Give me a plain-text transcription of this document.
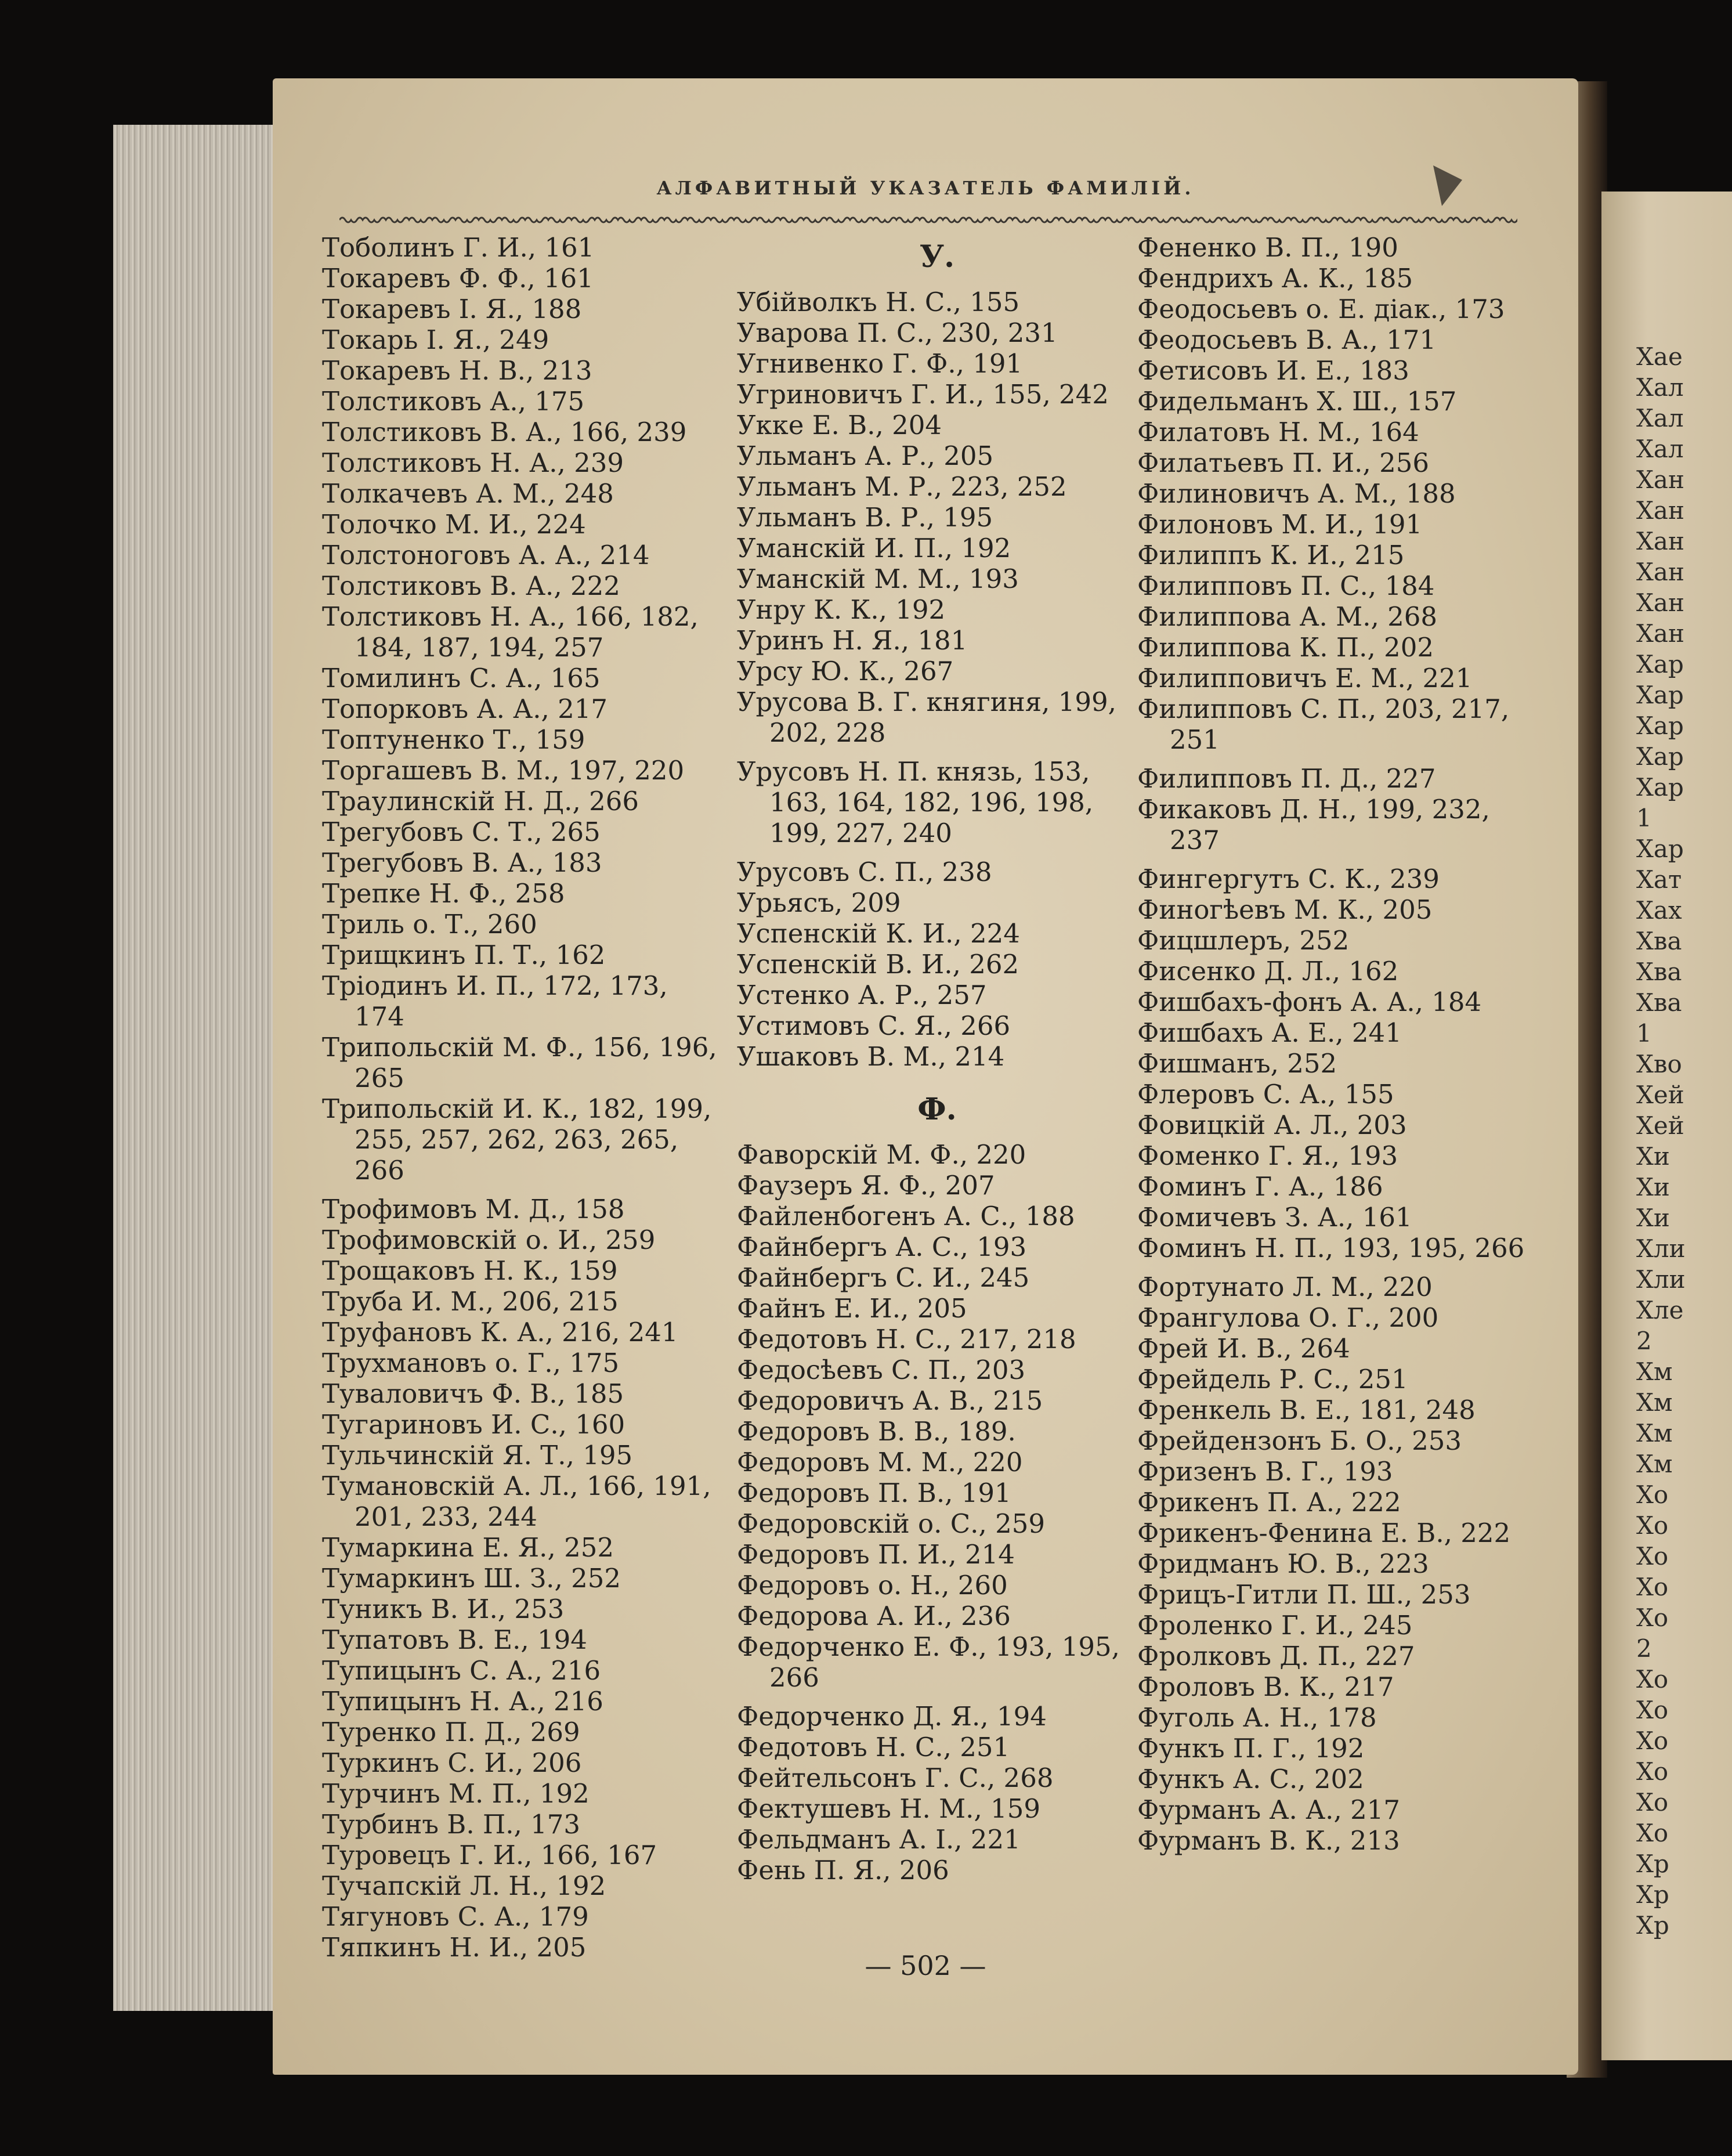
Хае
Хал
Хал
Хал
Хан
Хан
Хан
Хан
Хан
Хан
Хар
Хар
Хар
Хар
Хар
1
Хар
Хат
Хах
Хва
Хва
Хва
1
Хво
Хей
Хей
Хи
Хи
Хи
Хли
Хли
Хле
2
Хм
Хм
Хм
Хм
Хо
Хо
Хо
Хо
Хо
2
Хо
Хо
Хо
Хо
Хо
Хо
Хр
Хр
Хр
АЛФАВИТНЫЙ УКАЗАТЕЛЬ ФАМИЛІЙ.
Тоболинъ Г. И., 161
Токаревъ Ф. Ф., 161
Токаревъ I. Я., 188
Токарь I. Я., 249
Токаревъ Н. В., 213
Толстиковъ А., 175
Толстиковъ В. А., 166, 239
Толстиковъ Н. А., 239
Толкачевъ А. М., 248
Толочко М. И., 224
Толстоноговъ А. А., 214
Толстиковъ В. А., 222
Толстиковъ Н. А., 166, 182, 184, 187, 194, 257
Томилинъ С. А., 165
Топорковъ А. А., 217
Топтуненко Т., 159
Торгашевъ В. М., 197, 220
Траулинскій Н. Д., 266
Трегубовъ С. Т., 265
Трегубовъ В. А., 183
Трепке Н. Ф., 258
Триль о. Т., 260
Трищкинъ П. Т., 162
Тріодинъ И. П., 172, 173, 174
Трипольскій М. Ф., 156, 196, 265
Трипольскій И. К., 182, 199, 255, 257, 262, 263, 265, 266
Трофимовъ М. Д., 158
Трофимовскій о. И., 259
Трощаковъ Н. К., 159
Труба И. М., 206, 215
Труфановъ К. А., 216, 241
Трухмановъ о. Г., 175
Туваловичъ Ф. В., 185
Тугариновъ И. С., 160
Тульчинскій Я. Т., 195
Тумановскій А. Л., 166, 191, 201, 233, 244
Тумаркина Е. Я., 252
Тумаркинъ Ш. З., 252
Туникъ В. И., 253
Тупатовъ В. Е., 194
Тупицынъ С. А., 216
Тупицынъ Н. А., 216
Туренко П. Д., 269
Туркинъ С. И., 206
Турчинъ М. П., 192
Турбинъ В. П., 173
Туровецъ Г. И., 166, 167
Тучапскій Л. Н., 192
Тягуновъ С. А., 179
Тяпкинъ Н. И., 205
У.
Убійволкъ Н. С., 155
Уварова П. С., 230, 231
Угнивенко Г. Ф., 191
Угриновичъ Г. И., 155, 242
Укке Е. В., 204
Ульманъ А. Р., 205
Ульманъ М. Р., 223, 252
Ульманъ В. Р., 195
Уманскій И. П., 192
Уманскій М. М., 193
Унру К. К., 192
Уринъ Н. Я., 181
Урсу Ю. К., 267
Урусова В. Г. княгиня, 199, 202, 228
Урусовъ Н. П. князь, 153, 163, 164, 182, 196, 198, 199, 227, 240
Урусовъ С. П., 238
Урьясъ, 209
Успенскій К. И., 224
Успенскій В. И., 262
Устенко А. Р., 257
Устимовъ С. Я., 266
Ушаковъ В. М., 214
Ф.
Фаворскій М. Ф., 220
Фаузеръ Я. Ф., 207
Файленбогенъ А. С., 188
Файнбергъ А. С., 193
Файнбергъ С. И., 245
Файнъ Е. И., 205
Федотовъ Н. С., 217, 218
Федосѣевъ С. П., 203
Федоровичъ А. В., 215
Федоровъ В. В., 189.
Федоровъ М. М., 220
Федоровъ П. В., 191
Федоровскій о. С., 259
Федоровъ П. И., 214
Федоровъ о. Н., 260
Федорова А. И., 236
Федорченко Е. Ф., 193, 195, 266
Федорченко Д. Я., 194
Федотовъ Н. С., 251
Фейтельсонъ Г. С., 268
Фектушевъ Н. М., 159
Фельдманъ А. I., 221
Фень П. Я., 206
Фененко В. П., 190
Фендрихъ А. К., 185
Феодосьевъ о. Е. діак., 173
Феодосьевъ В. А., 171
Фетисовъ И. Е., 183
Фидельманъ Х. Ш., 157
Филатовъ Н. М., 164
Филатьевъ П. И., 256
Филиновичъ А. М., 188
Филоновъ М. И., 191
Филиппъ К. И., 215
Филипповъ П. С., 184
Филиппова А. М., 268
Филиппова К. П., 202
Филипповичъ Е. М., 221
Филипповъ С. П., 203, 217, 251
Филипповъ П. Д., 227
Фикаковъ Д. Н., 199, 232, 237
Фингергутъ С. К., 239
Финогѣевъ М. К., 205
Фицшлеръ, 252
Фисенко Д. Л., 162
Фишбахъ-фонъ А. А., 184
Фишбахъ А. Е., 241
Фишманъ, 252
Флеровъ С. А., 155
Фовицкій А. Л., 203
Фоменко Г. Я., 193
Фоминъ Г. А., 186
Фомичевъ З. А., 161
Фоминъ Н. П., 193, 195, 266
Фортунато Л. М., 220
Франгулова О. Г., 200
Фрей И. В., 264
Фрейдель Р. С., 251
Френкель В. Е., 181, 248
Фрейдензонъ Б. О., 253
Фризенъ В. Г., 193
Фрикенъ П. А., 222
Фрикенъ-Фенина Е. В., 222
Фридманъ Ю. В., 223
Фрицъ-Гитли П. Ш., 253
Фроленко Г. И., 245
Фролковъ Д. П., 227
Фроловъ В. К., 217
Фуголь А. Н., 178
Функъ П. Г., 192
Функъ А. С., 202
Фурманъ А. А., 217
Фурманъ В. К., 213
— 502 —
